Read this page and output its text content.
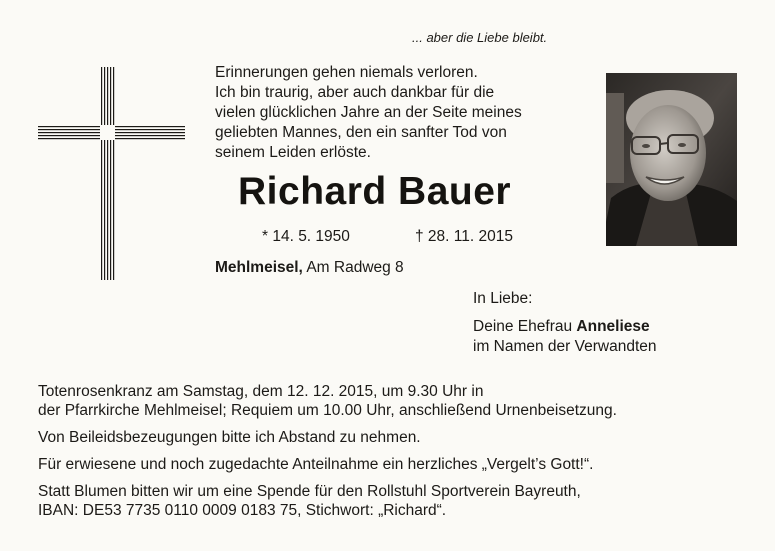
... aber die Liebe bleibt.
Erinnerungen gehen niemals verloren.
Ich bin traurig, aber auch dankbar für die
vielen glücklichen Jahre an der Seite meines
geliebten Mannes, den ein sanfter Tod von
seinem Leiden erlöste.
Richard Bauer
* 14. 5. 1950	† 28. 11. 2015
Mehlmeisel, Am Radweg 8
In Liebe:
Deine Ehefrau Anneliese
im Namen der Verwandten
Totenrosenkranz am Samstag, dem 12. 12. 2015, um 9.30 Uhr in
der Pfarrkirche Mehlmeisel; Requiem um 10.00 Uhr, anschließend Urnenbeisetzung.
Von Beileidsbezeugungen bitte ich Abstand zu nehmen.
Für erwiesene und noch zugedachte Anteilnahme ein herzliches „Vergelt’s Gott!“.
Statt Blumen bitten wir um eine Spende für den Rollstuhl Sportverein Bayreuth,
IBAN: DE53 7735 0110 0009 0183 75, Stichwort: „Richard“.
